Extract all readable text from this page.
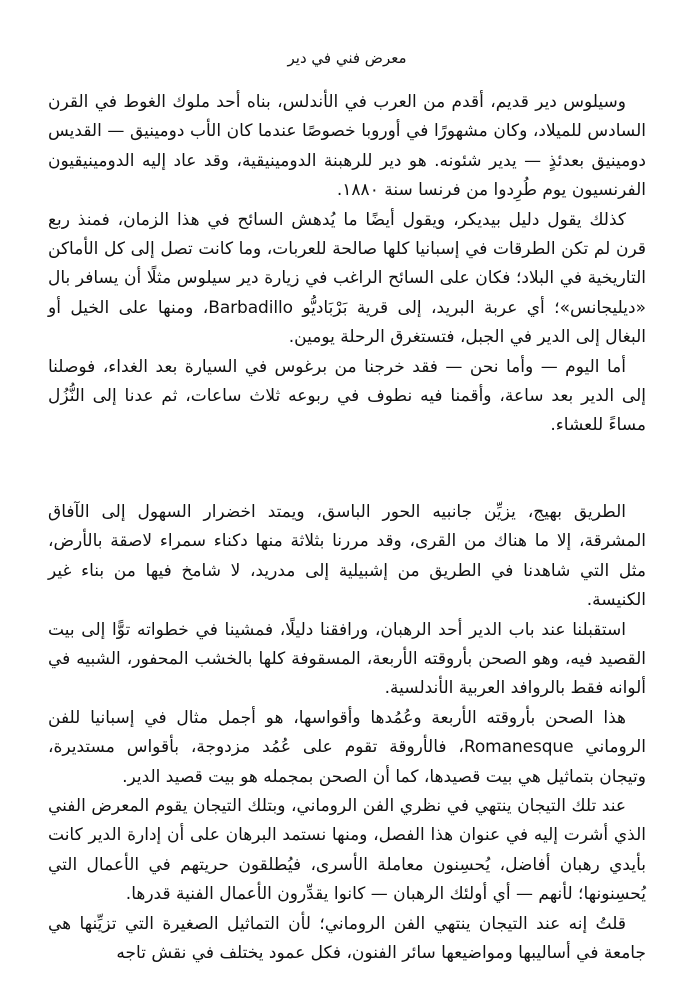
معرض فني في دير

وسيلوس دير قديم، أقدم من العرب في الأندلس، بناه أحد ملوك الغوط في القرن السادس للميلاد، وكان مشهورًا في أوروبا خصوصًا عندما كان الأب دومينيق — القديس دومينيق بعدئذٍ — يدير شئونه. هو دير للرهبنة الدومينيقية، وقد عاد إليه الدومينيقيون الفرنسيون يوم طُرِدوا من فرنسا سنة ١٨٨٠.

كذلك يقول دليل بيديكر، ويقول أيضًا ما يُدهش السائح في هذا الزمان، فمنذ ربع قرن لم تكن الطرقات في إسبانيا كلها صالحة للعربات، وما كانت تصل إلى كل الأماكن التاريخية في البلاد؛ فكان على السائح الراغب في زيارة دير سيلوس مثلًا أن يسافر بال «ديليجانس»؛ أي عربة البريد، إلى قرية بَرْبَاديُّو Barbadillo، ومنها على الخيل أو البغال إلى الدير في الجبل، فتستغرق الرحلة يومين.

أما اليوم — وأما نحن — فقد خرجنا من برغوس في السيارة بعد الغداء، فوصلنا إلى الدير بعد ساعة، وأقمنا فيه نطوف في ربوعه ثلاث ساعات، ثم عدنا إلى النُّزُل مساءً للعشاء.

الطريق بهيج، يزيِّن جانبيه الحور الباسق، ويمتد اخضرار السهول إلى الآفاق المشرقة، إلا ما هناك من القرى، وقد مررنا بثلاثة منها دكناء سمراء لاصقة بالأرض، مثل التي شاهدنا في الطريق من إشبيلية إلى مدريد، لا شامخ فيها من بناء غير الكنيسة.

استقبلنا عند باب الدير أحد الرهبان، ورافقنا دليلًا، فمشينا في خطواته توًّا إلى بيت القصيد فيه، وهو الصحن بأروقته الأربعة، المسقوفة كلها بالخشب المحفور، الشبيه في ألوانه فقط بالروافد العربية الأندلسية.

هذا الصحن بأروقته الأربعة وعُمُدها وأقواسها، هو أجمل مثال في إسبانيا للفن الروماني Romanesque، فالأروقة تقوم على عُمُد مزدوجة، بأقواس مستديرة، وتيجان بتماثيل هي بيت قصيدها، كما أن الصحن بمجمله هو بيت قصيد الدير.

عند تلك التيجان ينتهي في نظري الفن الروماني، وبتلك التيجان يقوم المعرض الفني الذي أشرت إليه في عنوان هذا الفصل، ومنها نستمد البرهان على أن إدارة الدير كانت بأيدي رهبان أفاضل، يُحسِنون معاملة الأسرى، فيُطلقون حريتهم في الأعمال التي يُحسِنونها؛ لأنهم — أي أولئك الرهبان — كانوا يقدِّرون الأعمال الفنية قدرها.

قلتُ إنه عند التيجان ينتهي الفن الروماني؛ لأن التماثيل الصغيرة التي تزيِّنها هي جامعة في أساليبها ومواضيعها سائر الفنون، فكل عمود يختلف في نقش تاجه
